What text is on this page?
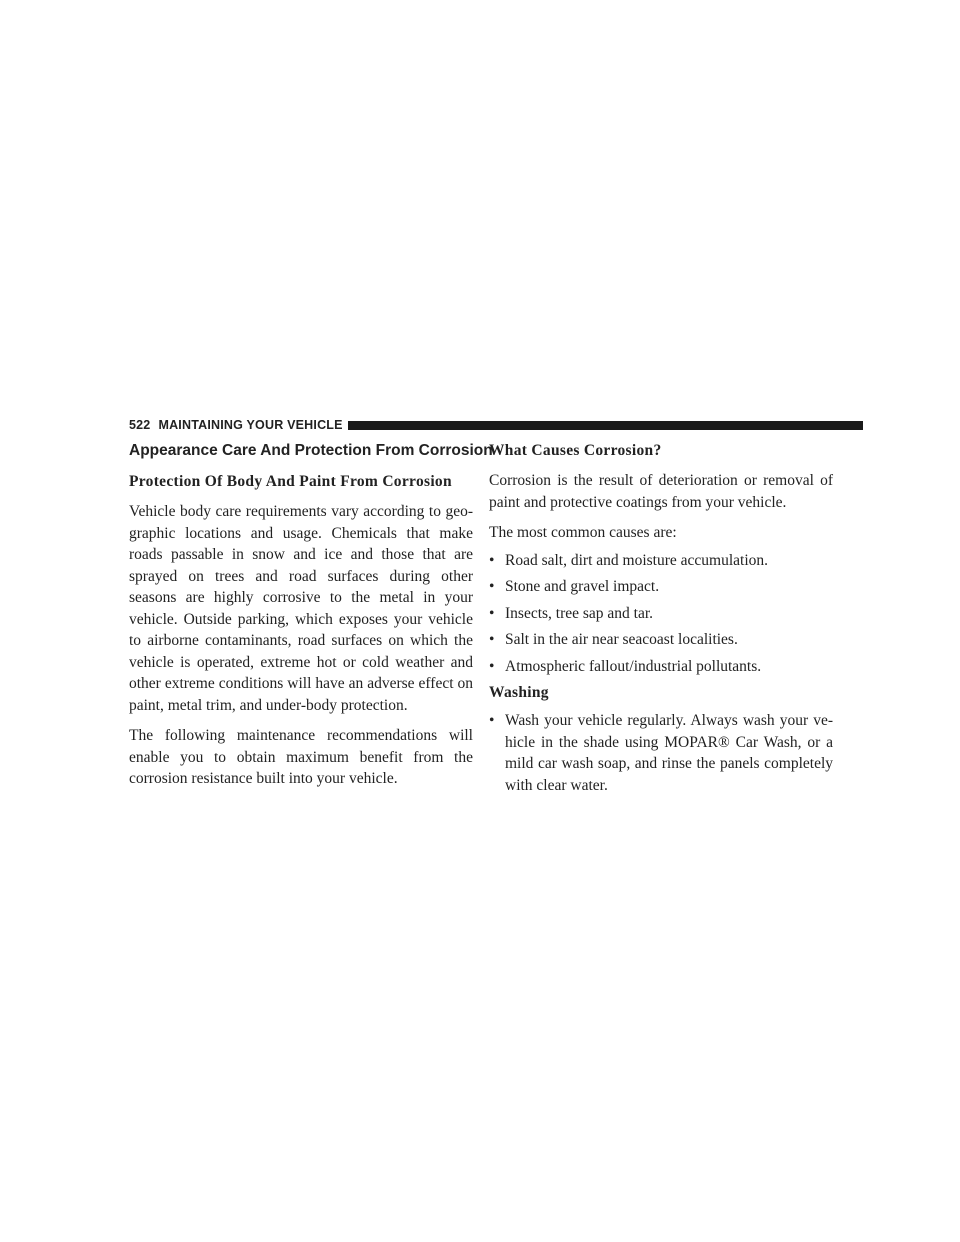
522 MAINTAINING YOUR VEHICLE
Appearance Care And Protection From Corrosion
Protection Of Body And Paint From Corrosion

Vehicle body care requirements vary according to geo-graphic locations and usage. Chemicals that make roads passable in snow and ice and those that are sprayed on trees and road surfaces during other seasons are highly corrosive to the metal in your vehicle. Outside parking, which exposes your vehicle to airborne contaminants, road surfaces on which the vehicle is operated, extreme hot or cold weather and other extreme conditions will have an adverse effect on paint, metal trim, and under-body protection.

The following maintenance recommendations will enable you to obtain maximum benefit from the corrosion resistance built into your vehicle.

What Causes Corrosion?

Corrosion is the result of deterioration or removal of paint and protective coatings from your vehicle.

The most common causes are:

• Road salt, dirt and moisture accumulation.
• Stone and gravel impact.
• Insects, tree sap and tar.
• Salt in the air near seacoast localities.
• Atmospheric fallout/industrial pollutants.
Washing
• Wash your vehicle regularly. Always wash your ve-hicle in the shade using MOPAR® Car Wash, or a mild car wash soap, and rinse the panels completely with clear water.
